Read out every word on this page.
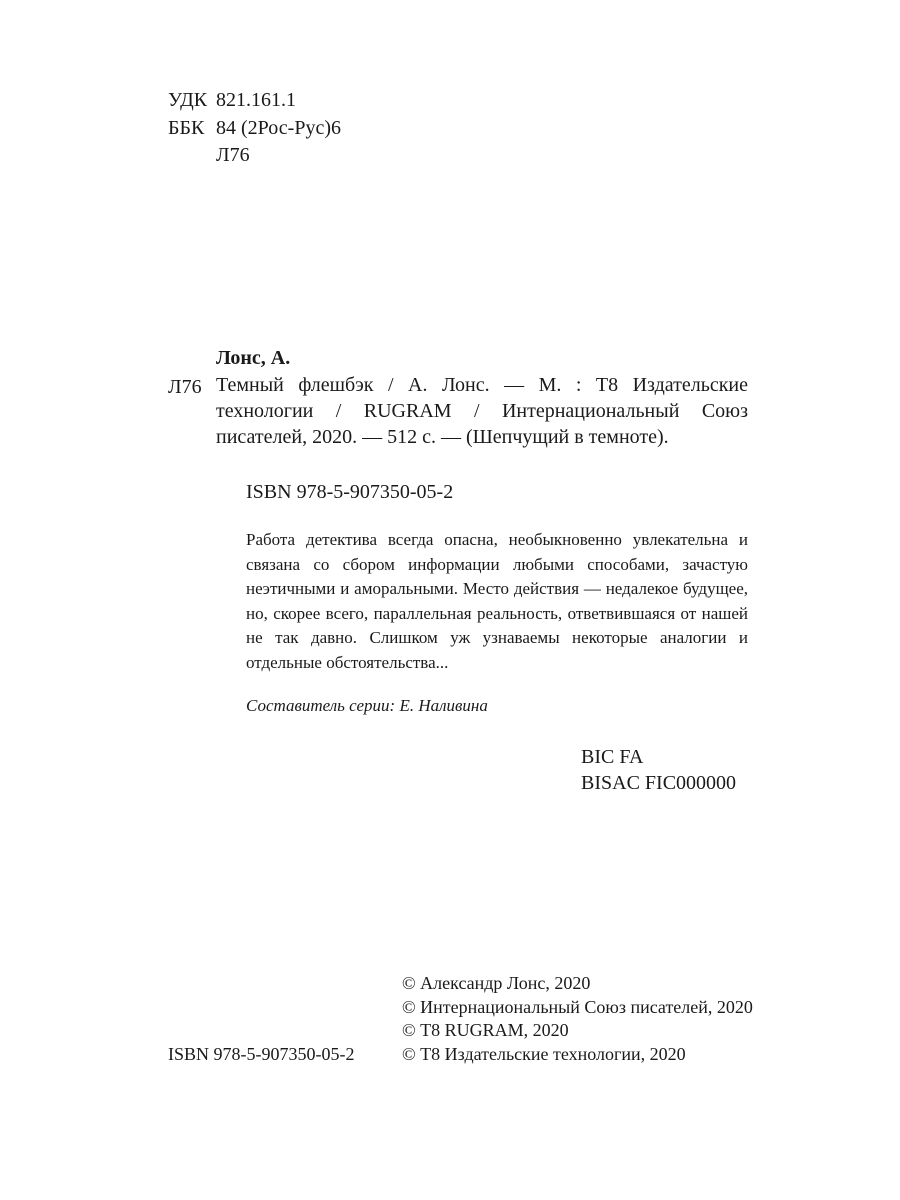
УДК 821.161.1
ББК 84 (2Рос-Рус)6
Л76
Лонс, А.
Л76 Темный флешбэк / А. Лонс. — М. : Т8 Издательские технологии / RUGRAM / Интернациональный Союз писателей, 2020. — 512 с. — (Шепчущий в темноте).
ISBN 978-5-907350-05-2
Работа детектива всегда опасна, необыкновенно увлекательна и связана со сбором информации любыми способами, зачастую неэтичными и аморальными. Место действия — недалекое будущее, но, скорее всего, параллельная реальность, ответвившаяся от нашей не так давно. Слишком уж узнаваемы некоторые аналогии и отдельные обстоятельства...
Составитель серии: Е. Наливина
BIC FA
BISAC FIC000000
ISBN 978-5-907350-05-2
© Александр Лонс, 2020
© Интернациональный Союз писателей, 2020
© Т8 RUGRAM, 2020
© Т8 Издательские технологии, 2020
